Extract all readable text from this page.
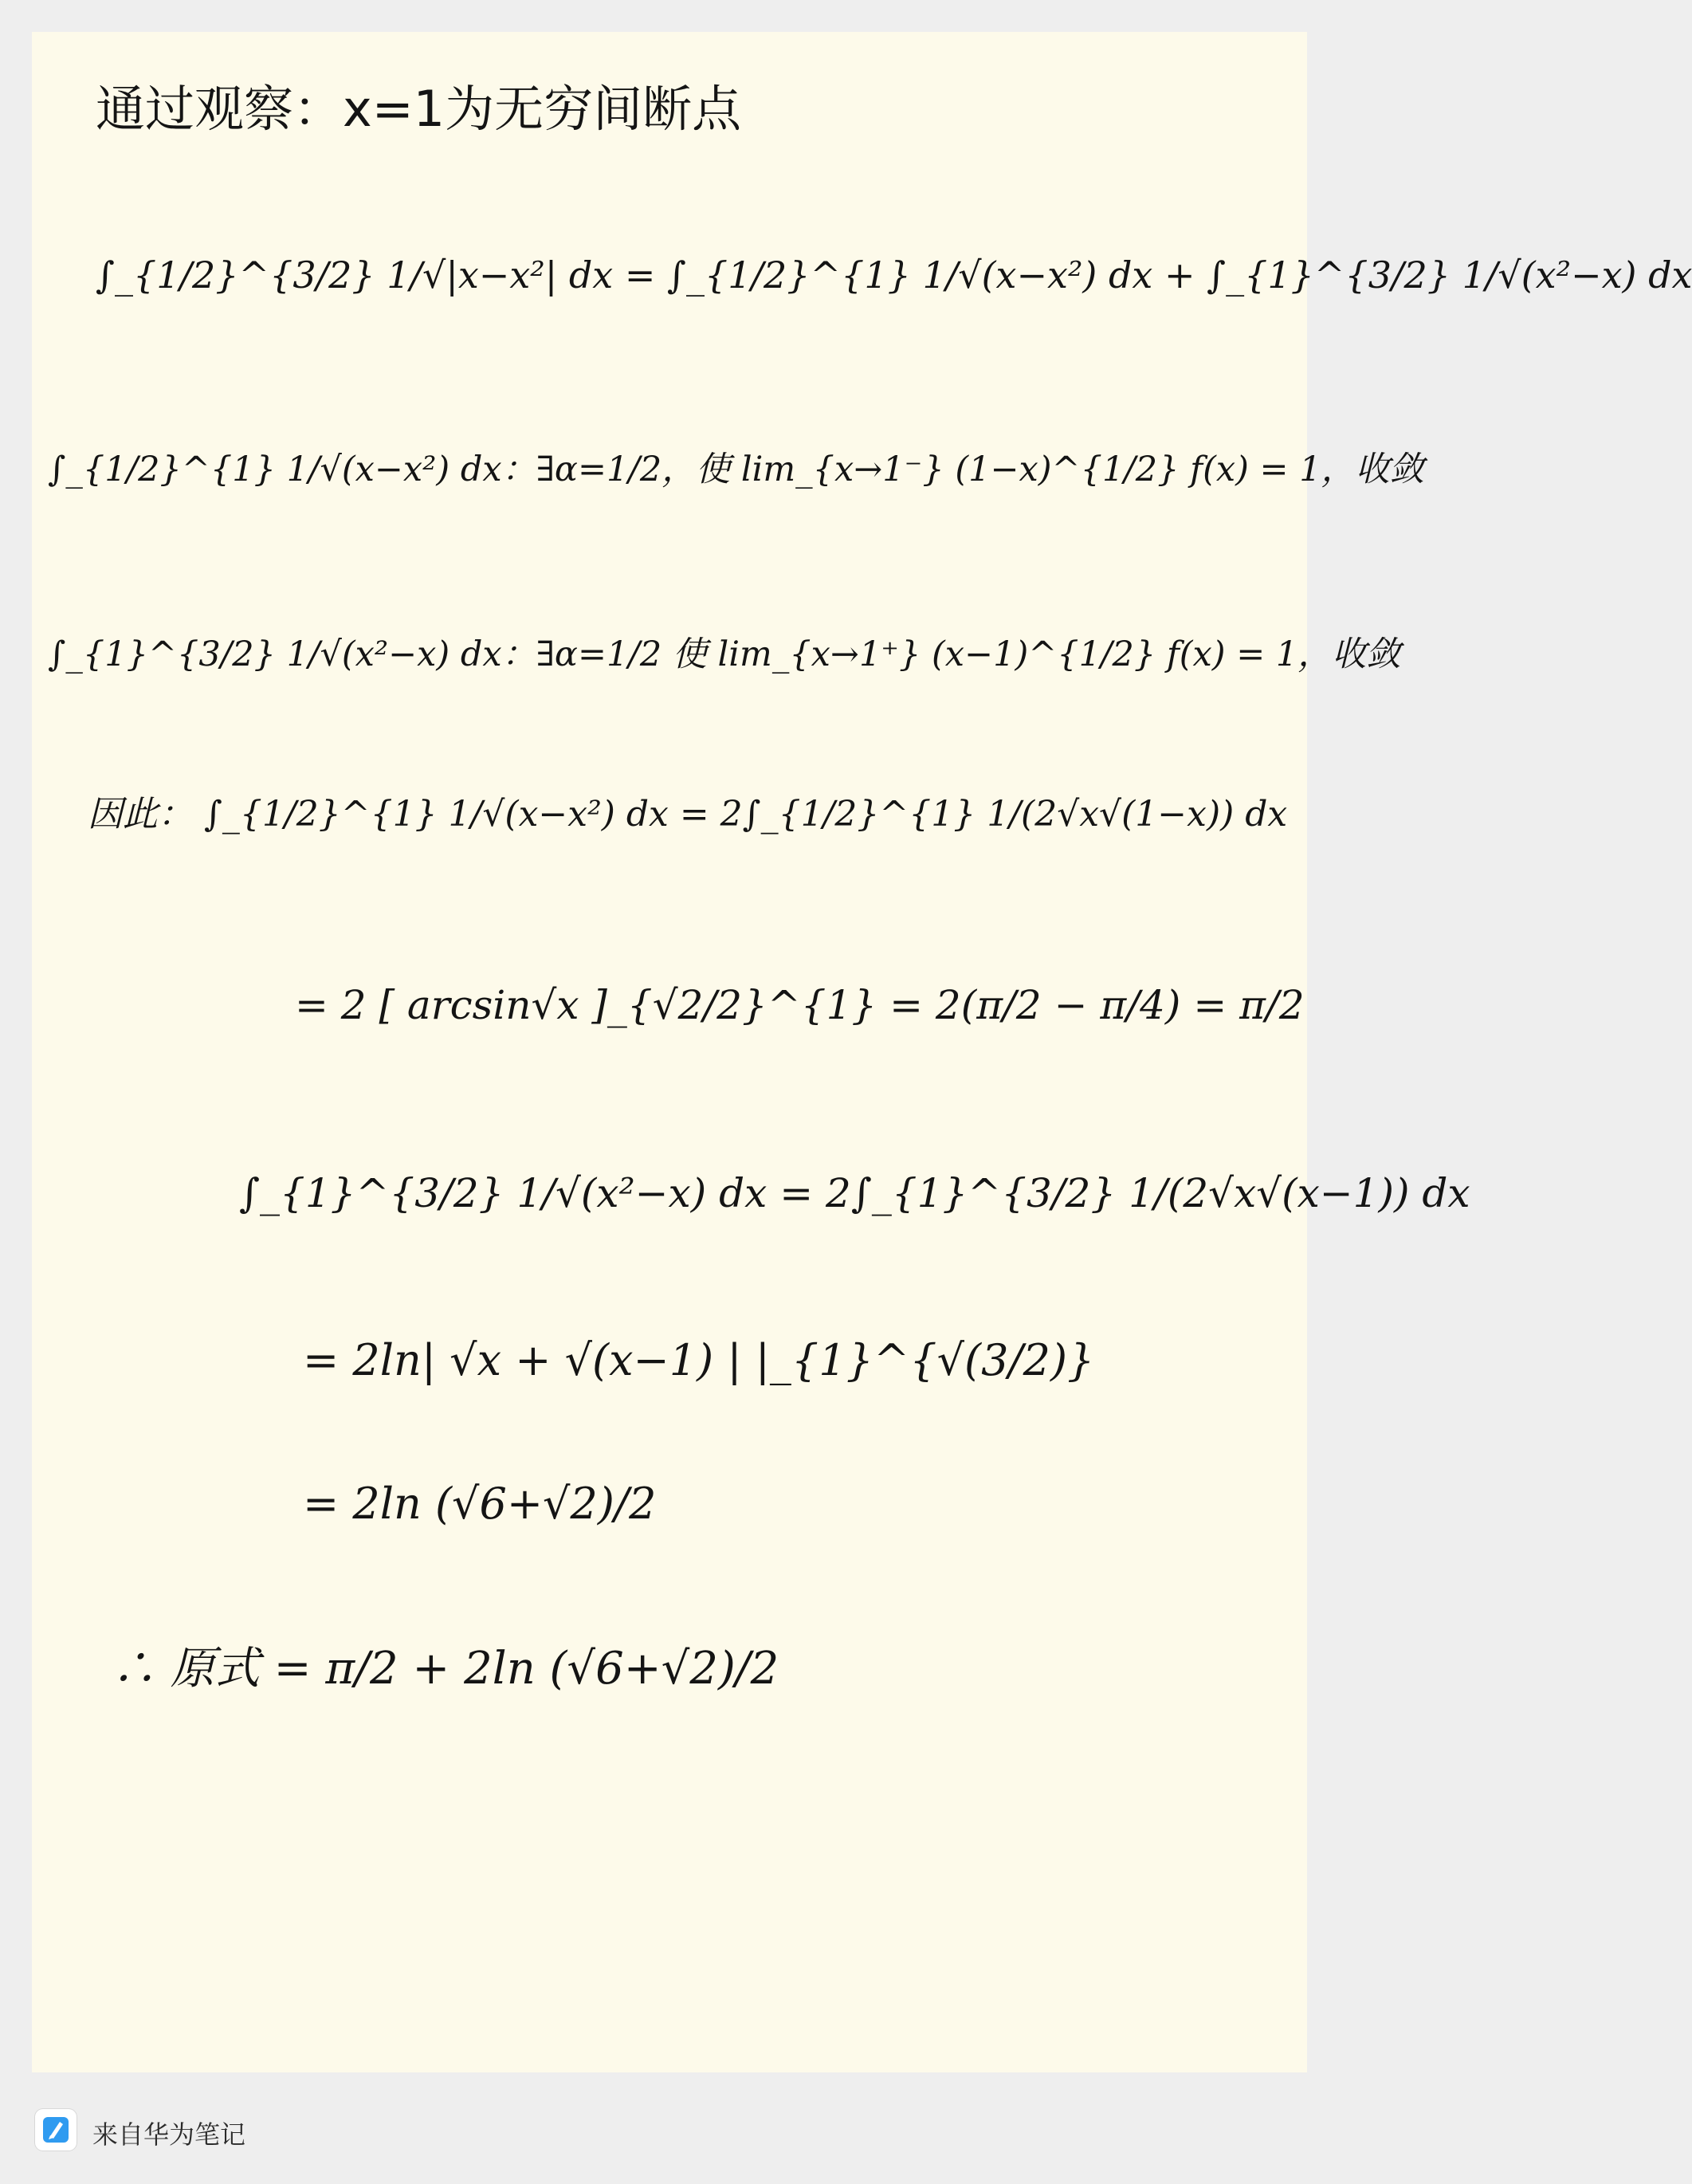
通过观察：x=1为无穷间断点
∫_{1/2}^{3/2} 1/√|x−x²| dx = ∫_{1/2}^{1} 1/√(x−x²) dx + ∫_{1}^{3/2} 1/√(x²−x) dx
∫_{1/2}^{1} 1/√(x−x²) dx：∃α=1/2，使 lim_{x→1⁻} (1−x)^{1/2} f(x) = 1，收敛
∫_{1}^{3/2} 1/√(x²−x) dx：∃α=1/2 使 lim_{x→1⁺} (x−1)^{1/2} f(x) = 1，收敛
因此： ∫_{1/2}^{1} 1/√(x−x²) dx = 2∫_{1/2}^{1} 1/(2√x√(1−x)) dx
= 2 [ arcsin√x ]_{√2/2}^{1} = 2(π/2 − π/4) = π/2
∫_{1}^{3/2} 1/√(x²−x) dx = 2∫_{1}^{3/2} 1/(2√x√(x−1)) dx
= 2ln| √x + √(x−1) | |_{1}^{√(3/2)}
= 2ln (√6+√2)/2
∴ 原式 = π/2 + 2ln (√6+√2)/2
来自华为笔记
